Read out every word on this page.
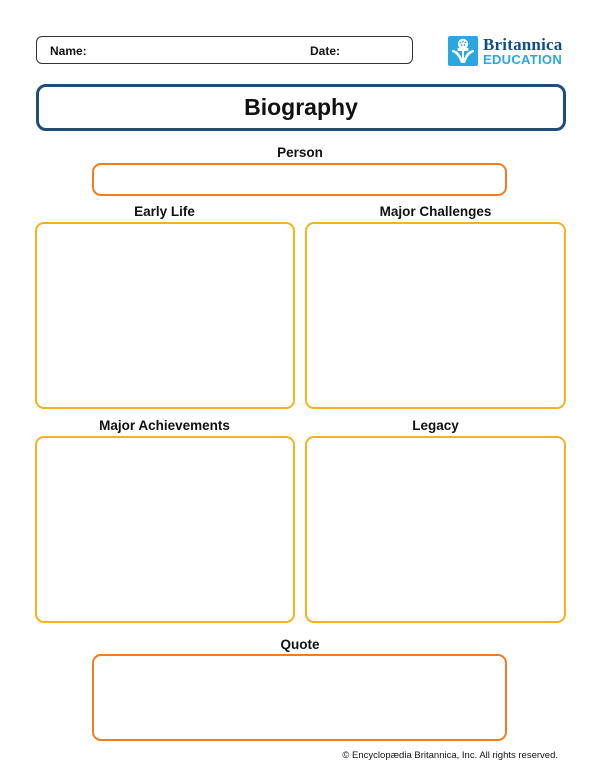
Name:	Date:	Britannica
EDUCATION
Biography
Person
Early Life	Major Challenges
Major Achievements	Legacy
Quote
© Encyclopædia Britannica, Inc. All rights reserved.
